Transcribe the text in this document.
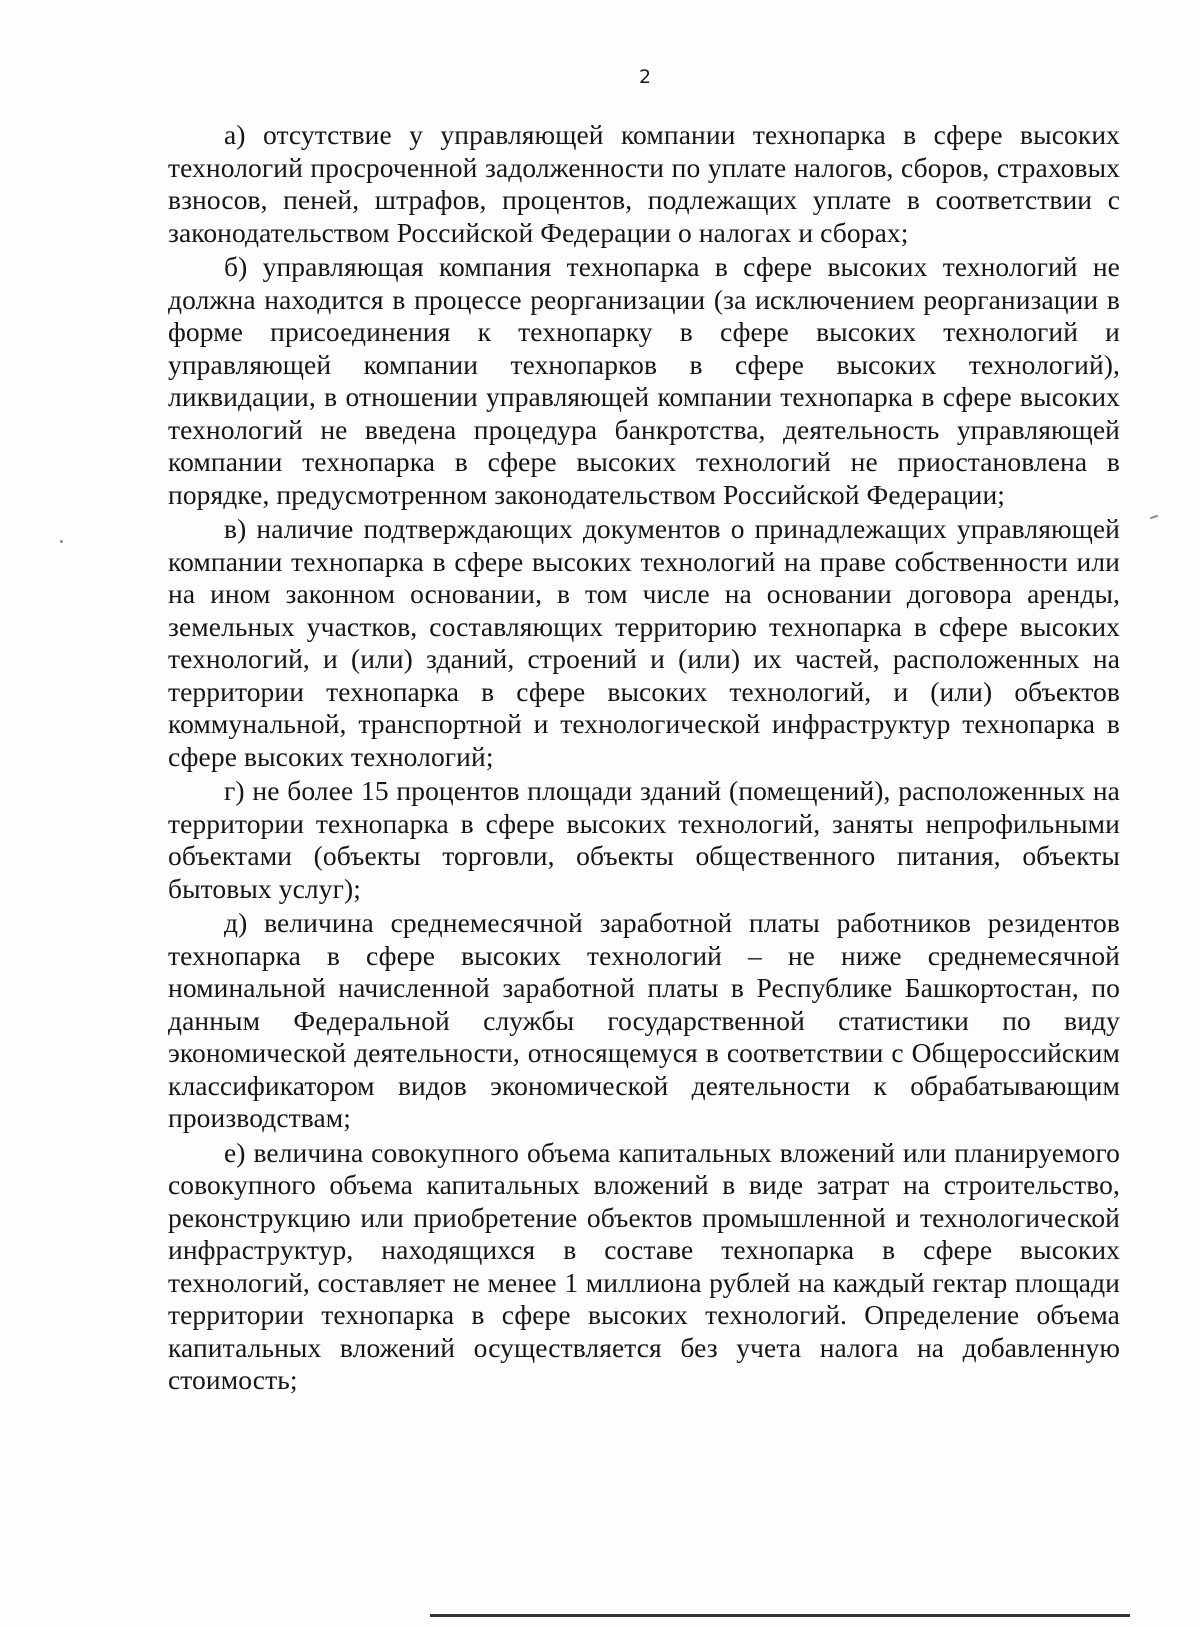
2

а) отсутствие у управляющей компании технопарка в сфере высоких технологий просроченной задолженности по уплате налогов, сборов, страховых взносов, пеней, штрафов, процентов, подлежащих уплате в соответствии с законодательством Российской Федерации о налогах и сборах;

б) управляющая компания технопарка в сфере высоких технологий не должна находится в процессе реорганизации (за исключением реорганизации в форме присоединения к технопарку в сфере высоких технологий и управляющей компании технопарков в сфере высоких технологий), ликвидации, в отношении управляющей компании технопарка в сфере высоких технологий не введена процедура банкротства, деятельность управляющей компании технопарка в сфере высоких технологий не приостановлена в порядке, предусмотренном законодательством Российской Федерации;

в) наличие подтверждающих документов о принадлежащих управляющей компании технопарка в сфере высоких технологий на праве собственности или на ином законном основании, в том числе на основании договора аренды, земельных участков, составляющих территорию технопарка в сфере высоких технологий, и (или) зданий, строений и (или) их частей, расположенных на территории технопарка в сфере высоких технологий, и (или) объектов коммунальной, транспортной и технологической инфраструктур технопарка в сфере высоких технологий;

г) не более 15 процентов площади зданий (помещений), расположенных на территории технопарка в сфере высоких технологий, заняты непрофильными объектами (объекты торговли, объекты общественного питания, объекты бытовых услуг);

д) величина среднемесячной заработной платы работников резидентов технопарка в сфере высоких технологий – не ниже среднемесячной номинальной начисленной заработной платы в Республике Башкортостан, по данным Федеральной службы государственной статистики по виду экономической деятельности, относящемуся в соответствии с Общероссийским классификатором видов экономической деятельности к обрабатывающим производствам;

е) величина совокупного объема капитальных вложений или планируемого совокупного объема капитальных вложений в виде затрат на строительство, реконструкцию или приобретение объектов промышленной и технологической инфраструктур, находящихся в составе технопарка в сфере высоких технологий, составляет не менее 1 миллиона рублей на каждый гектар площади территории технопарка в сфере высоких технологий. Определение объема капитальных вложений осуществляется без учета налога на добавленную стоимость;
